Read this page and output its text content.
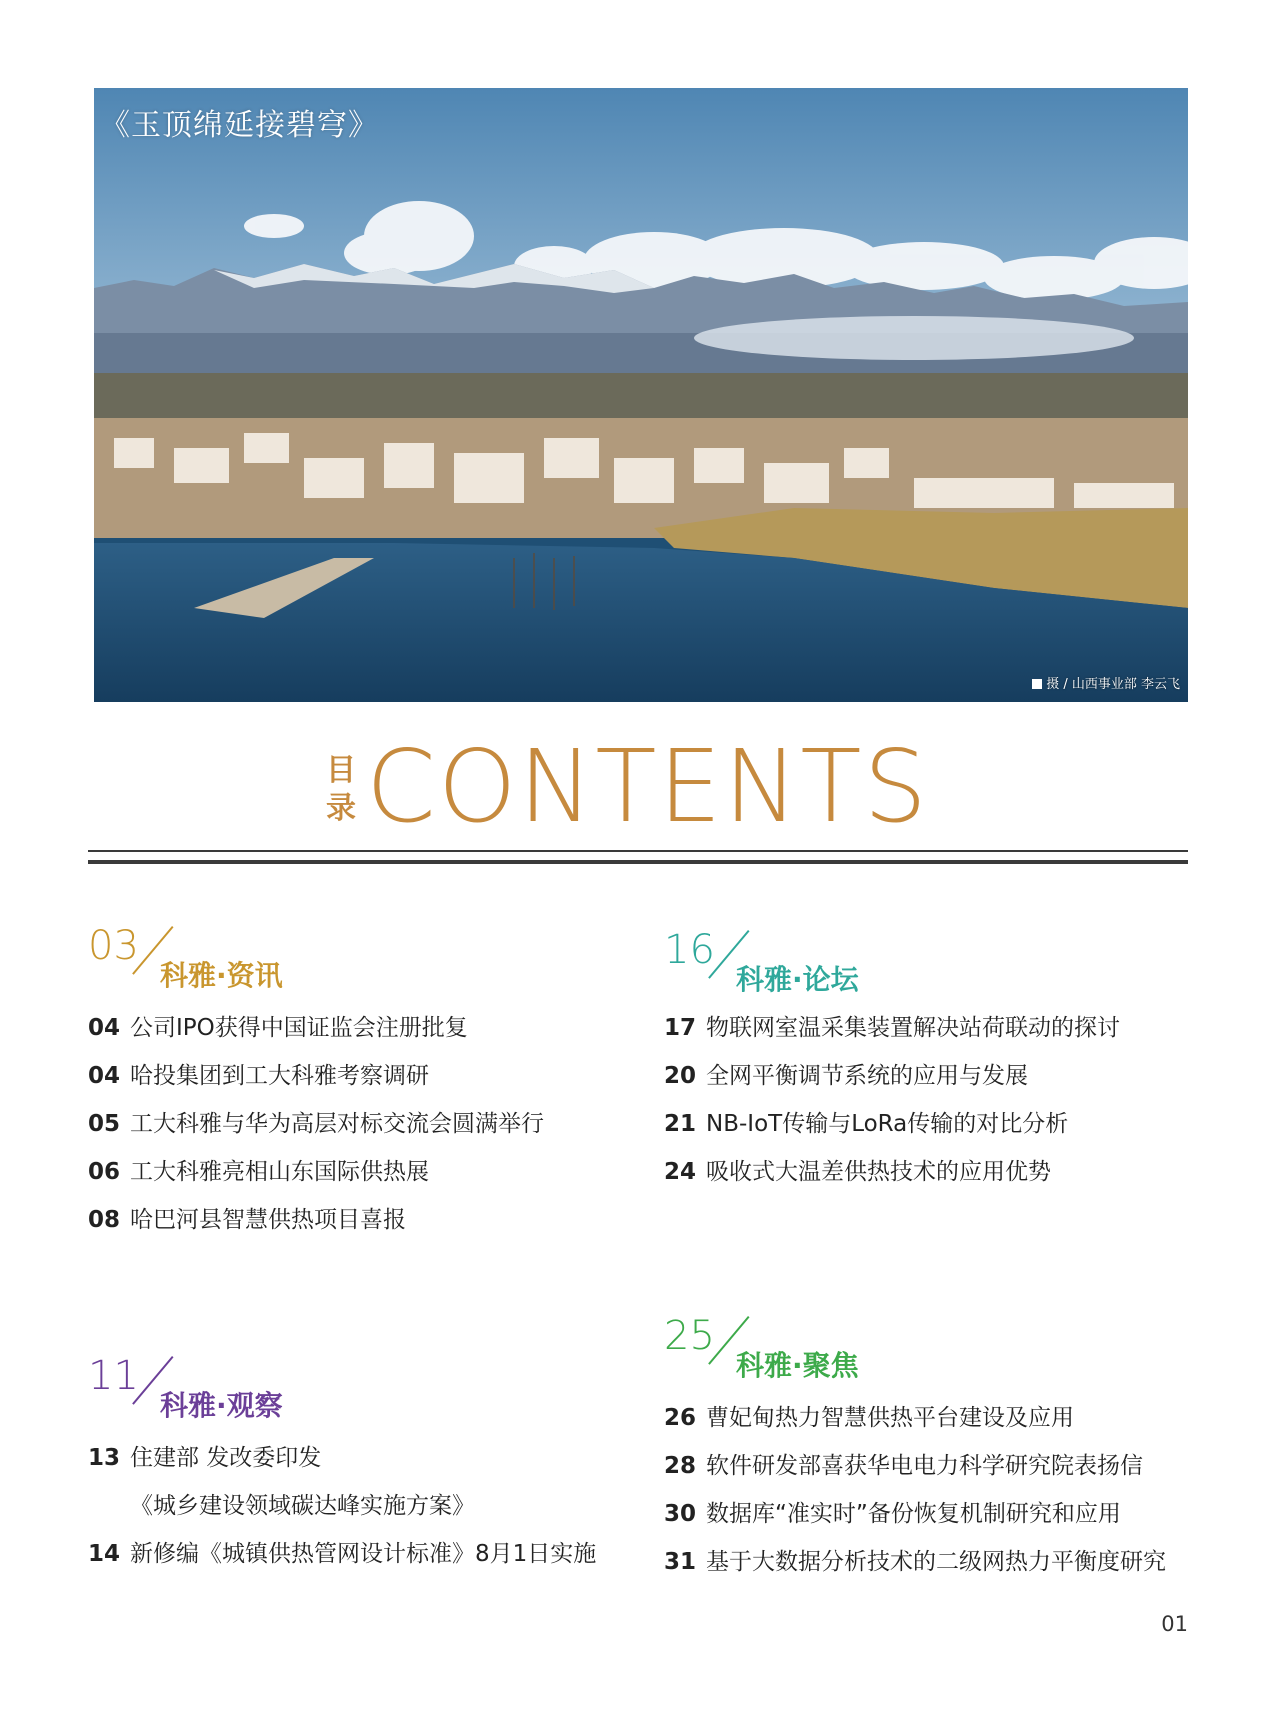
《玉顶绵延接碧穹》
摄 / 山西事业部 李云飞
目
录 CONTENTS
03
科雅·资讯
04 公司IPO获得中国证监会注册批复
04 哈投集团到工大科雅考察调研
05 工大科雅与华为高层对标交流会圆满举行
06 工大科雅亮相山东国际供热展
08 哈巴河县智慧供热项目喜报
16
科雅·论坛
17 物联网室温采集装置解决站荷联动的探讨
20 全网平衡调节系统的应用与发展
21 NB-IoT传输与LoRa传输的对比分析
24 吸收式大温差供热技术的应用优势
11
科雅·观察
13 住建部 发改委印发
《城乡建设领域碳达峰实施方案》
14 新修编《城镇供热管网设计标准》8月1日实施
25
科雅·聚焦
26 曹妃甸热力智慧供热平台建设及应用
28 软件研发部喜获华电电力科学研究院表扬信
30 数据库“准实时”备份恢复机制研究和应用
31 基于大数据分析技术的二级网热力平衡度研究
01
